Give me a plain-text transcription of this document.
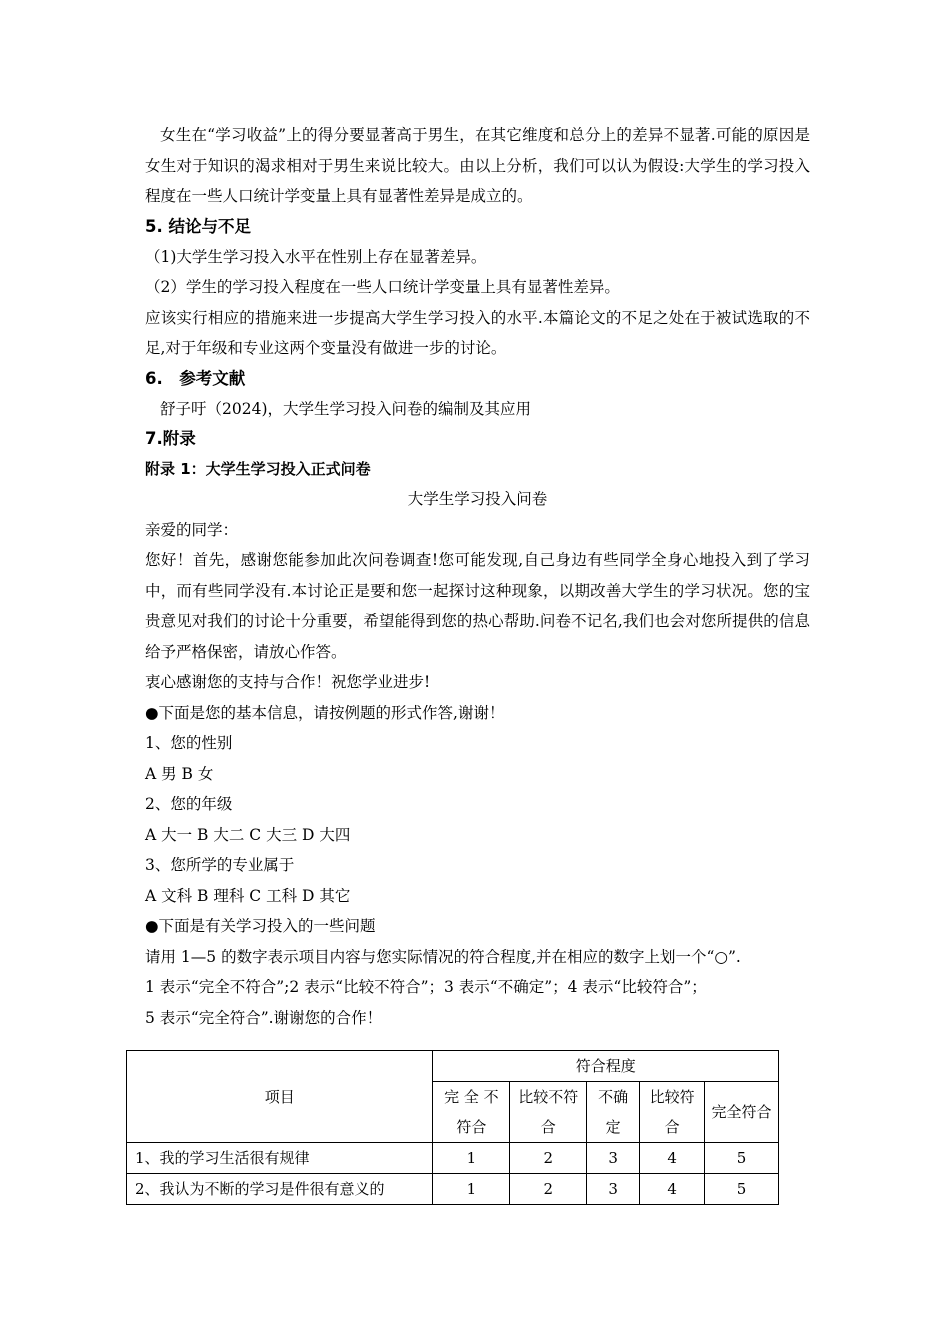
女生在“学习收益”上的得分要显著高于男生，在其它维度和总分上的差异不显著.可能的原因是女生对于知识的渴求相对于男生来说比较大。由以上分析，我们可以认为假设:大学生的学习投入程度在一些人口统计学变量上具有显著性差异是成立的。

5. 结论与不足

（1)大学生学习投入水平在性别上存在显著差异。

（2）学生的学习投入程度在一些人口统计学变量上具有显著性差异。

应该实行相应的措施来进一步提高大学生学习投入的水平.本篇论文的不足之处在于被试选取的不足,对于年级和专业这两个变量没有做进一步的讨论。

6.　参考文献

舒子吁（2024)，大学生学习投入问卷的编制及其应用

7.附录

附录 1：大学生学习投入正式问卷

大学生学习投入问卷

亲爱的同学：

您好！首先，感谢您能参加此次问卷调查!您可能发现,自己身边有些同学全身心地投入到了学习中，而有些同学没有.本讨论正是要和您一起探讨这种现象，以期改善大学生的学习状况。您的宝贵意见对我们的讨论十分重要，希望能得到您的热心帮助.问卷不记名,我们也会对您所提供的信息给予严格保密，请放心作答。

衷心感谢您的支持与合作！祝您学业进步!

●下面是您的基本信息，请按例题的形式作答,谢谢！

1、您的性别

A 男 B 女

2、您的年级

A 大一 B 大二 C 大三 D 大四

3、您所学的专业属于

A 文科 B 理科 C 工科 D 其它

●下面是有关学习投入的一些问题

请用 1—5 的数字表示项目内容与您实际情况的符合程度,并在相应的数字上划一个“○”.

1 表示“完全不符合”;2 表示“比较不符合”；3 表示“不确定”；4 表示“比较符合”；

5 表示“完全符合”.谢谢您的合作！

项目	符合程度				
	完 全 不符合	比较不符合	不确定	比较符合	完全符合
1、我的学习生活很有规律	1	2	3	4	5
2、我认为不断的学习是件很有意义的	1	2	3	4	5
